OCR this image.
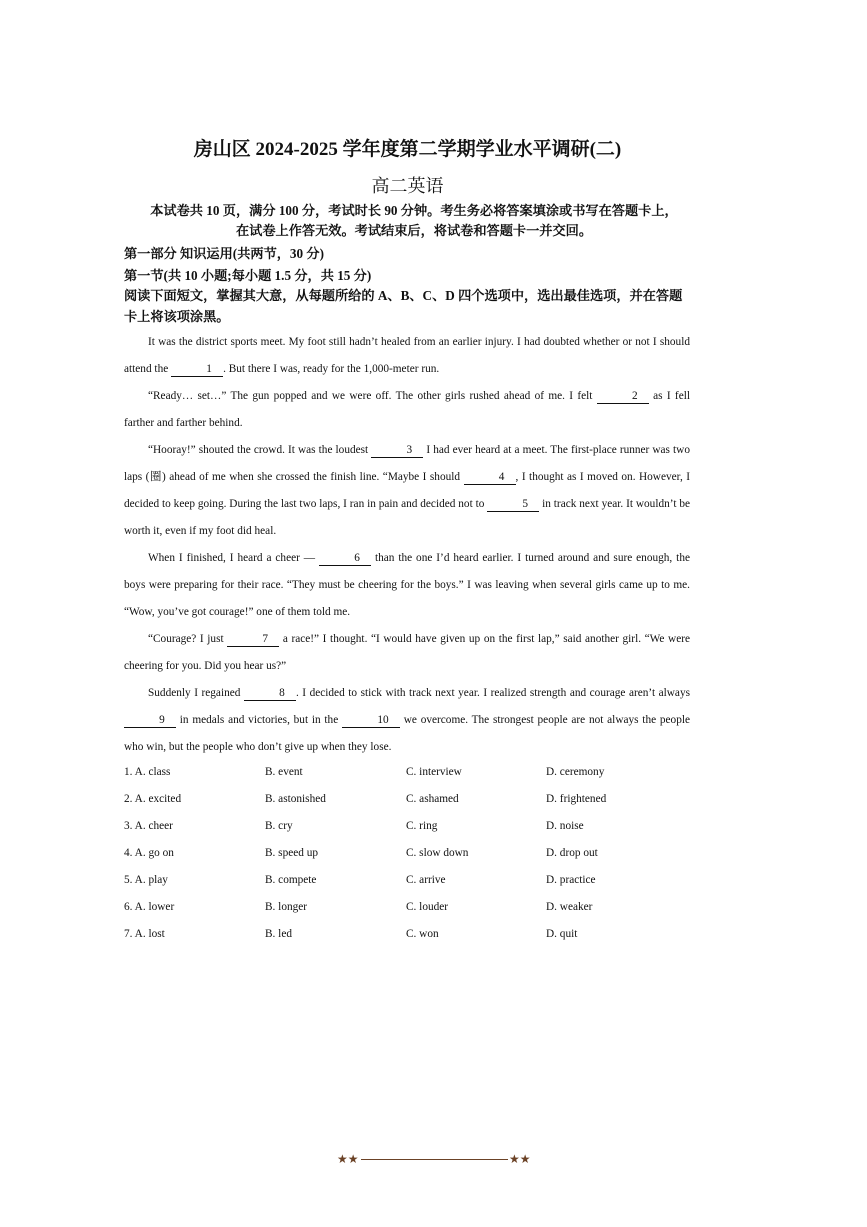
房山区 2024-2025 学年度第二学期学业水平调研(二)
高二英语
本试卷共 10 页，满分 100 分，考试时长 90 分钟。考生务必将答案填涂或书写在答题卡上，
在试卷上作答无效。考试结束后，将试卷和答题卡一并交回。
第一部分 知识运用(共两节，30 分)
第一节(共 10 小题;每小题 1.5 分，共 15 分)
阅读下面短文，掌握其大意，从每题所给的 A、B、C、D 四个选项中，选出最佳选项，并在答题卡上将该项涂黑。

It was the district sports meet. My foot still hadn’t healed from an earlier injury. I had doubted whether or not I should attend the	1 . But there I was, ready for the 1,000-meter run.

“Ready… set…” The gun popped and we were off. The other girls rushed ahead of me. I felt	2 as I fell farther and farther behind.

“Hooray!” shouted the crowd. It was the loudest	3 I had ever heard at a meet. The first-place runner was two laps (圈) ahead of me when she crossed the finish line. “Maybe I should	4 , I thought as I moved on. However, I decided to keep going. During the last two laps, I ran in pain and decided not to	5 in track next year. It wouldn’t be worth it, even if my foot did heal.

When I finished, I heard a cheer —	6 than the one I’d heard earlier. I turned around and sure enough, the boys were preparing for their race. “They must be cheering for the boys.” I was leaving when several girls came up to me. “Wow, you’ve got courage!” one of them told me.

“Courage? I just	7 a race!” I thought. “I would have given up on the first lap,” said another girl. “We were cheering for you. Did you hear us?”

Suddenly I regained	8 . I decided to stick with track next year. I realized strength and courage aren’t always 9 in medals and victories, but in the	10 we overcome. The strongest people are not always the people who win, but the people who don’t give up when they lose.

1. A. class	B. event	C. interview	D. ceremony
2. A. excited	B. astonished	C. ashamed	D. frightened
3. A. cheer	B. cry	C. ring	D. noise
4. A. go on	B. speed up	C. slow down	D. drop out
5. A. play	B. compete	C. arrive	D. practice
6. A. lower	B. longer	C. louder	D. weaker
7. A. lost	B. led	C. won	D. quit
★★	★★
